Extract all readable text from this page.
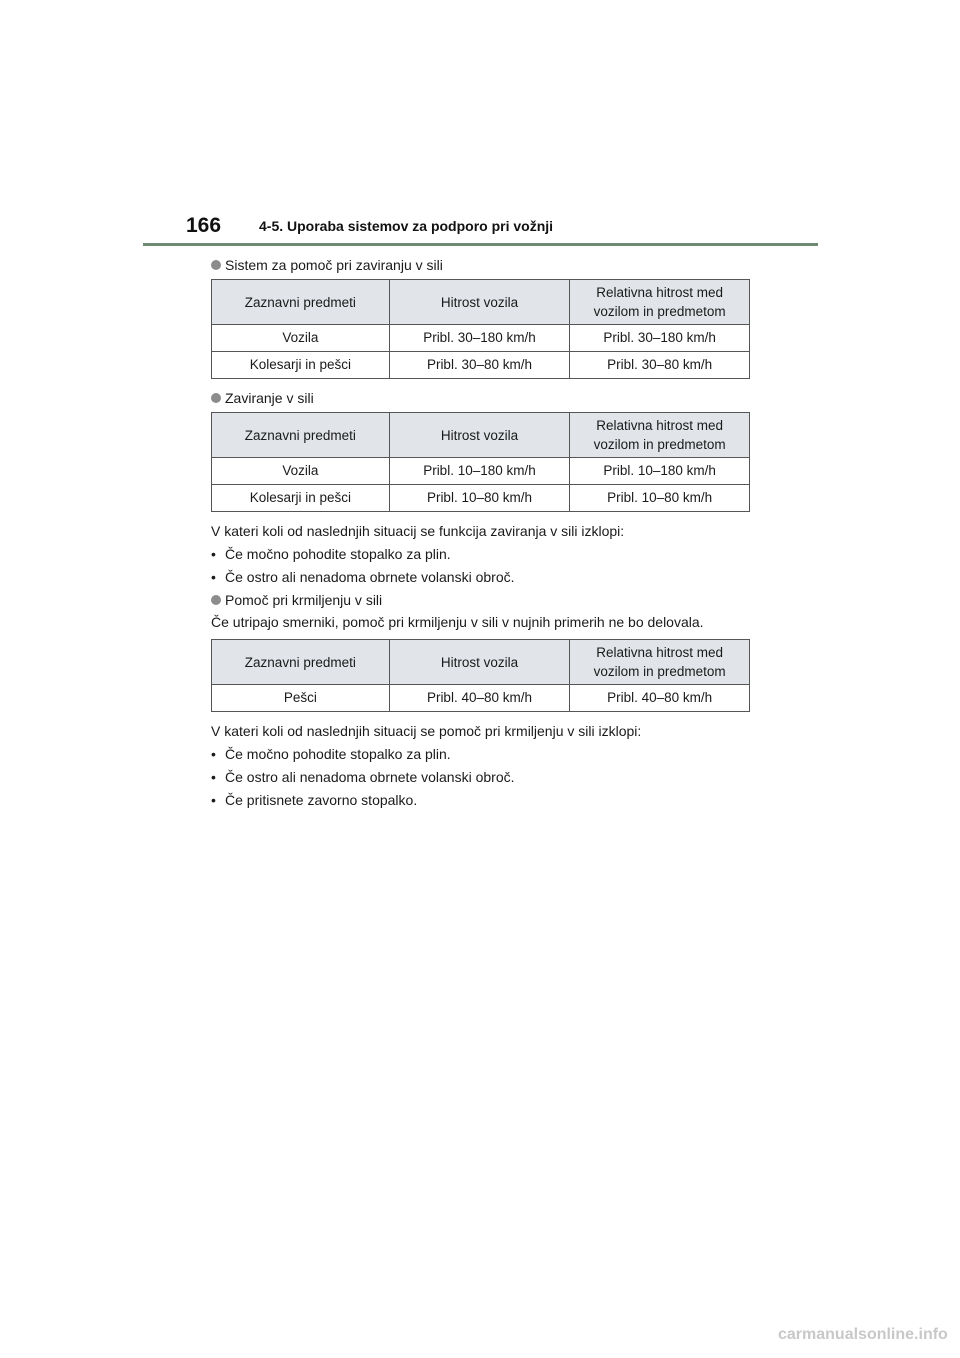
166	4-5. Uporaba sistemov za podporo pri vožnji
Sistem za pomoč pri zaviranju v sili
Zaznavni predmeti	Hitrost vozila	Relativna hitrost med vozilom in predmetom
Vozila	Pribl. 30–180 km/h	Pribl. 30–180 km/h
Kolesarji in pešci	Pribl. 30–80 km/h	Pribl. 30–80 km/h
Zaviranje v sili
Zaznavni predmeti	Hitrost vozila	Relativna hitrost med vozilom in predmetom
Vozila	Pribl. 10–180 km/h	Pribl. 10–180 km/h
Kolesarji in pešci	Pribl. 10–80 km/h	Pribl. 10–80 km/h

V kateri koli od naslednjih situacij se funkcija zaviranja v sili izklopi:

• Če močno pohodite stopalko za plin.
• Če ostro ali nenadoma obrnete volanski obroč.
Pomoč pri krmiljenju v sili

Če utripajo smerniki, pomoč pri krmiljenju v sili v nujnih primerih ne bo delovala.

Zaznavni predmeti	Hitrost vozila	Relativna hitrost med vozilom in predmetom
Pešci	Pribl. 40–80 km/h	Pribl. 40–80 km/h

V kateri koli od naslednjih situacij se pomoč pri krmiljenju v sili izklopi:

• Če močno pohodite stopalko za plin.
• Če ostro ali nenadoma obrnete volanski obroč.
• Če pritisnete zavorno stopalko.
carmanualsonline.info
